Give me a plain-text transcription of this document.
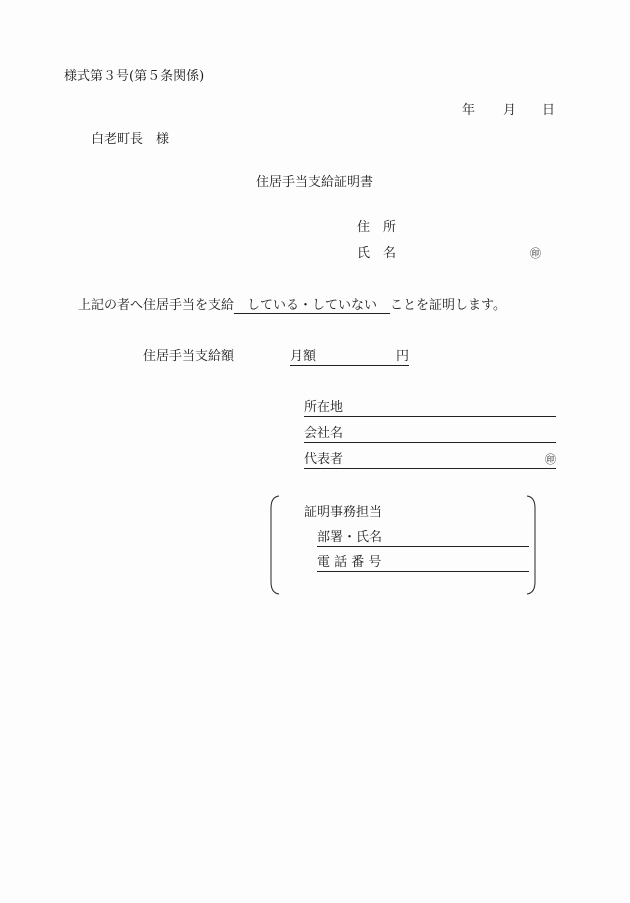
様式第３号(第５条関係)
年 月 日
白老町長　様
住居手当支給証明書
住　所
氏　名	㊞
上記の者へ住居手当を支給　している・していない　ことを証明します。
住居手当支給額	月額	円
所在地
会社名
代表者	㊞
証明事務担当
部署・氏名
電 話 番 号
